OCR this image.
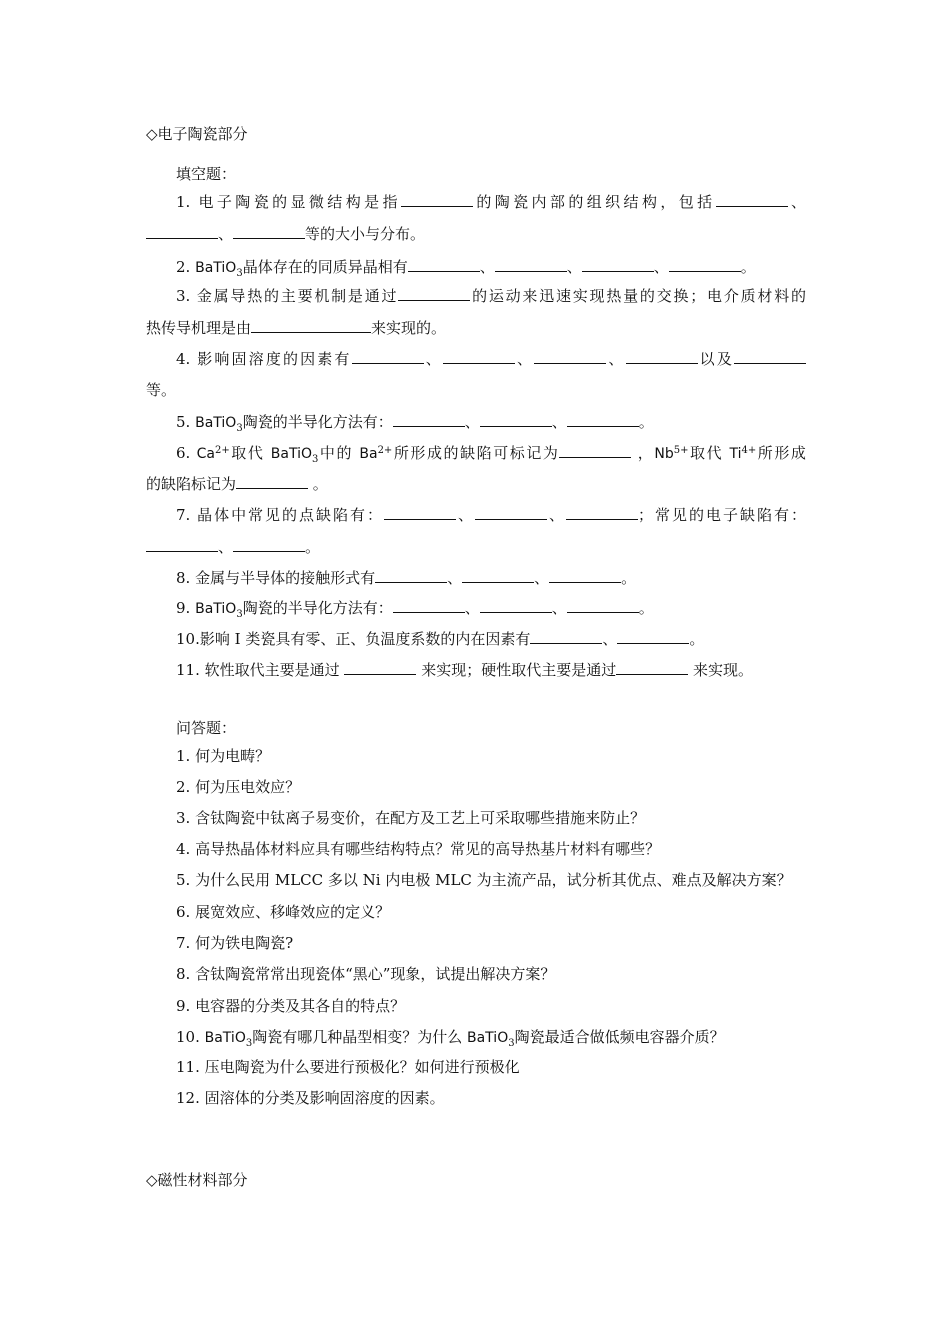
◇电子陶瓷部分
填空题：
1. 电子陶瓷的显微结构是指	的陶瓷内部的组织结构，包括	、
、	等的大小与分布。
2. BaTiO$_3$晶体存在的同质异晶相有	、	、	、	。
3. 金属导热的主要机制是通过	的运动来迅速实现热量的交换；电介质材料的
热传导机理是由	来实现的。
4. 影响固溶度的因素有	、	、	、	以及
等。
5. BaTiO$_3$陶瓷的半导化方法有：	、	、	。
6. $Ca^{2+}$取代 BaTiO$_3$中的 $Ba^{2+}$所形成的缺陷可标记为	，$Nb^{5+}$取代 $Ti^{4+}$所形成
的缺陷标记为	。
7. 晶体中常见的点缺陷有：	、	、	；常见的电子缺陷有：
、	。
8. 金属与半导体的接触形式有	、	、	。
9. BaTiO$_3$陶瓷的半导化方法有：	、	、	。
10.影响 I 类瓷具有零、正、负温度系数的内在因素有	、	。
11. 软性取代主要是通过	来实现；硬性取代主要是通过	来实现。
问答题：
1. 何为电畴？
2. 何为压电效应？
3. 含钛陶瓷中钛离子易变价，在配方及工艺上可采取哪些措施来防止？
4. 高导热晶体材料应具有哪些结构特点？常见的高导热基片材料有哪些？
5. 为什么民用 MLCC 多以 Ni 内电极 MLC 为主流产品，试分析其优点、难点及解决方案？
6. 展宽效应、移峰效应的定义？
7. 何为铁电陶瓷?
8. 含钛陶瓷常常出现瓷体“黑心”现象，试提出解决方案？
9. 电容器的分类及其各自的特点？
10. BaTiO$_3$陶瓷有哪几种晶型相变？为什么 BaTiO$_3$陶瓷最适合做低频电容器介质？
11. 压电陶瓷为什么要进行预极化？如何进行预极化
12. 固溶体的分类及影响固溶度的因素。
◇磁性材料部分
